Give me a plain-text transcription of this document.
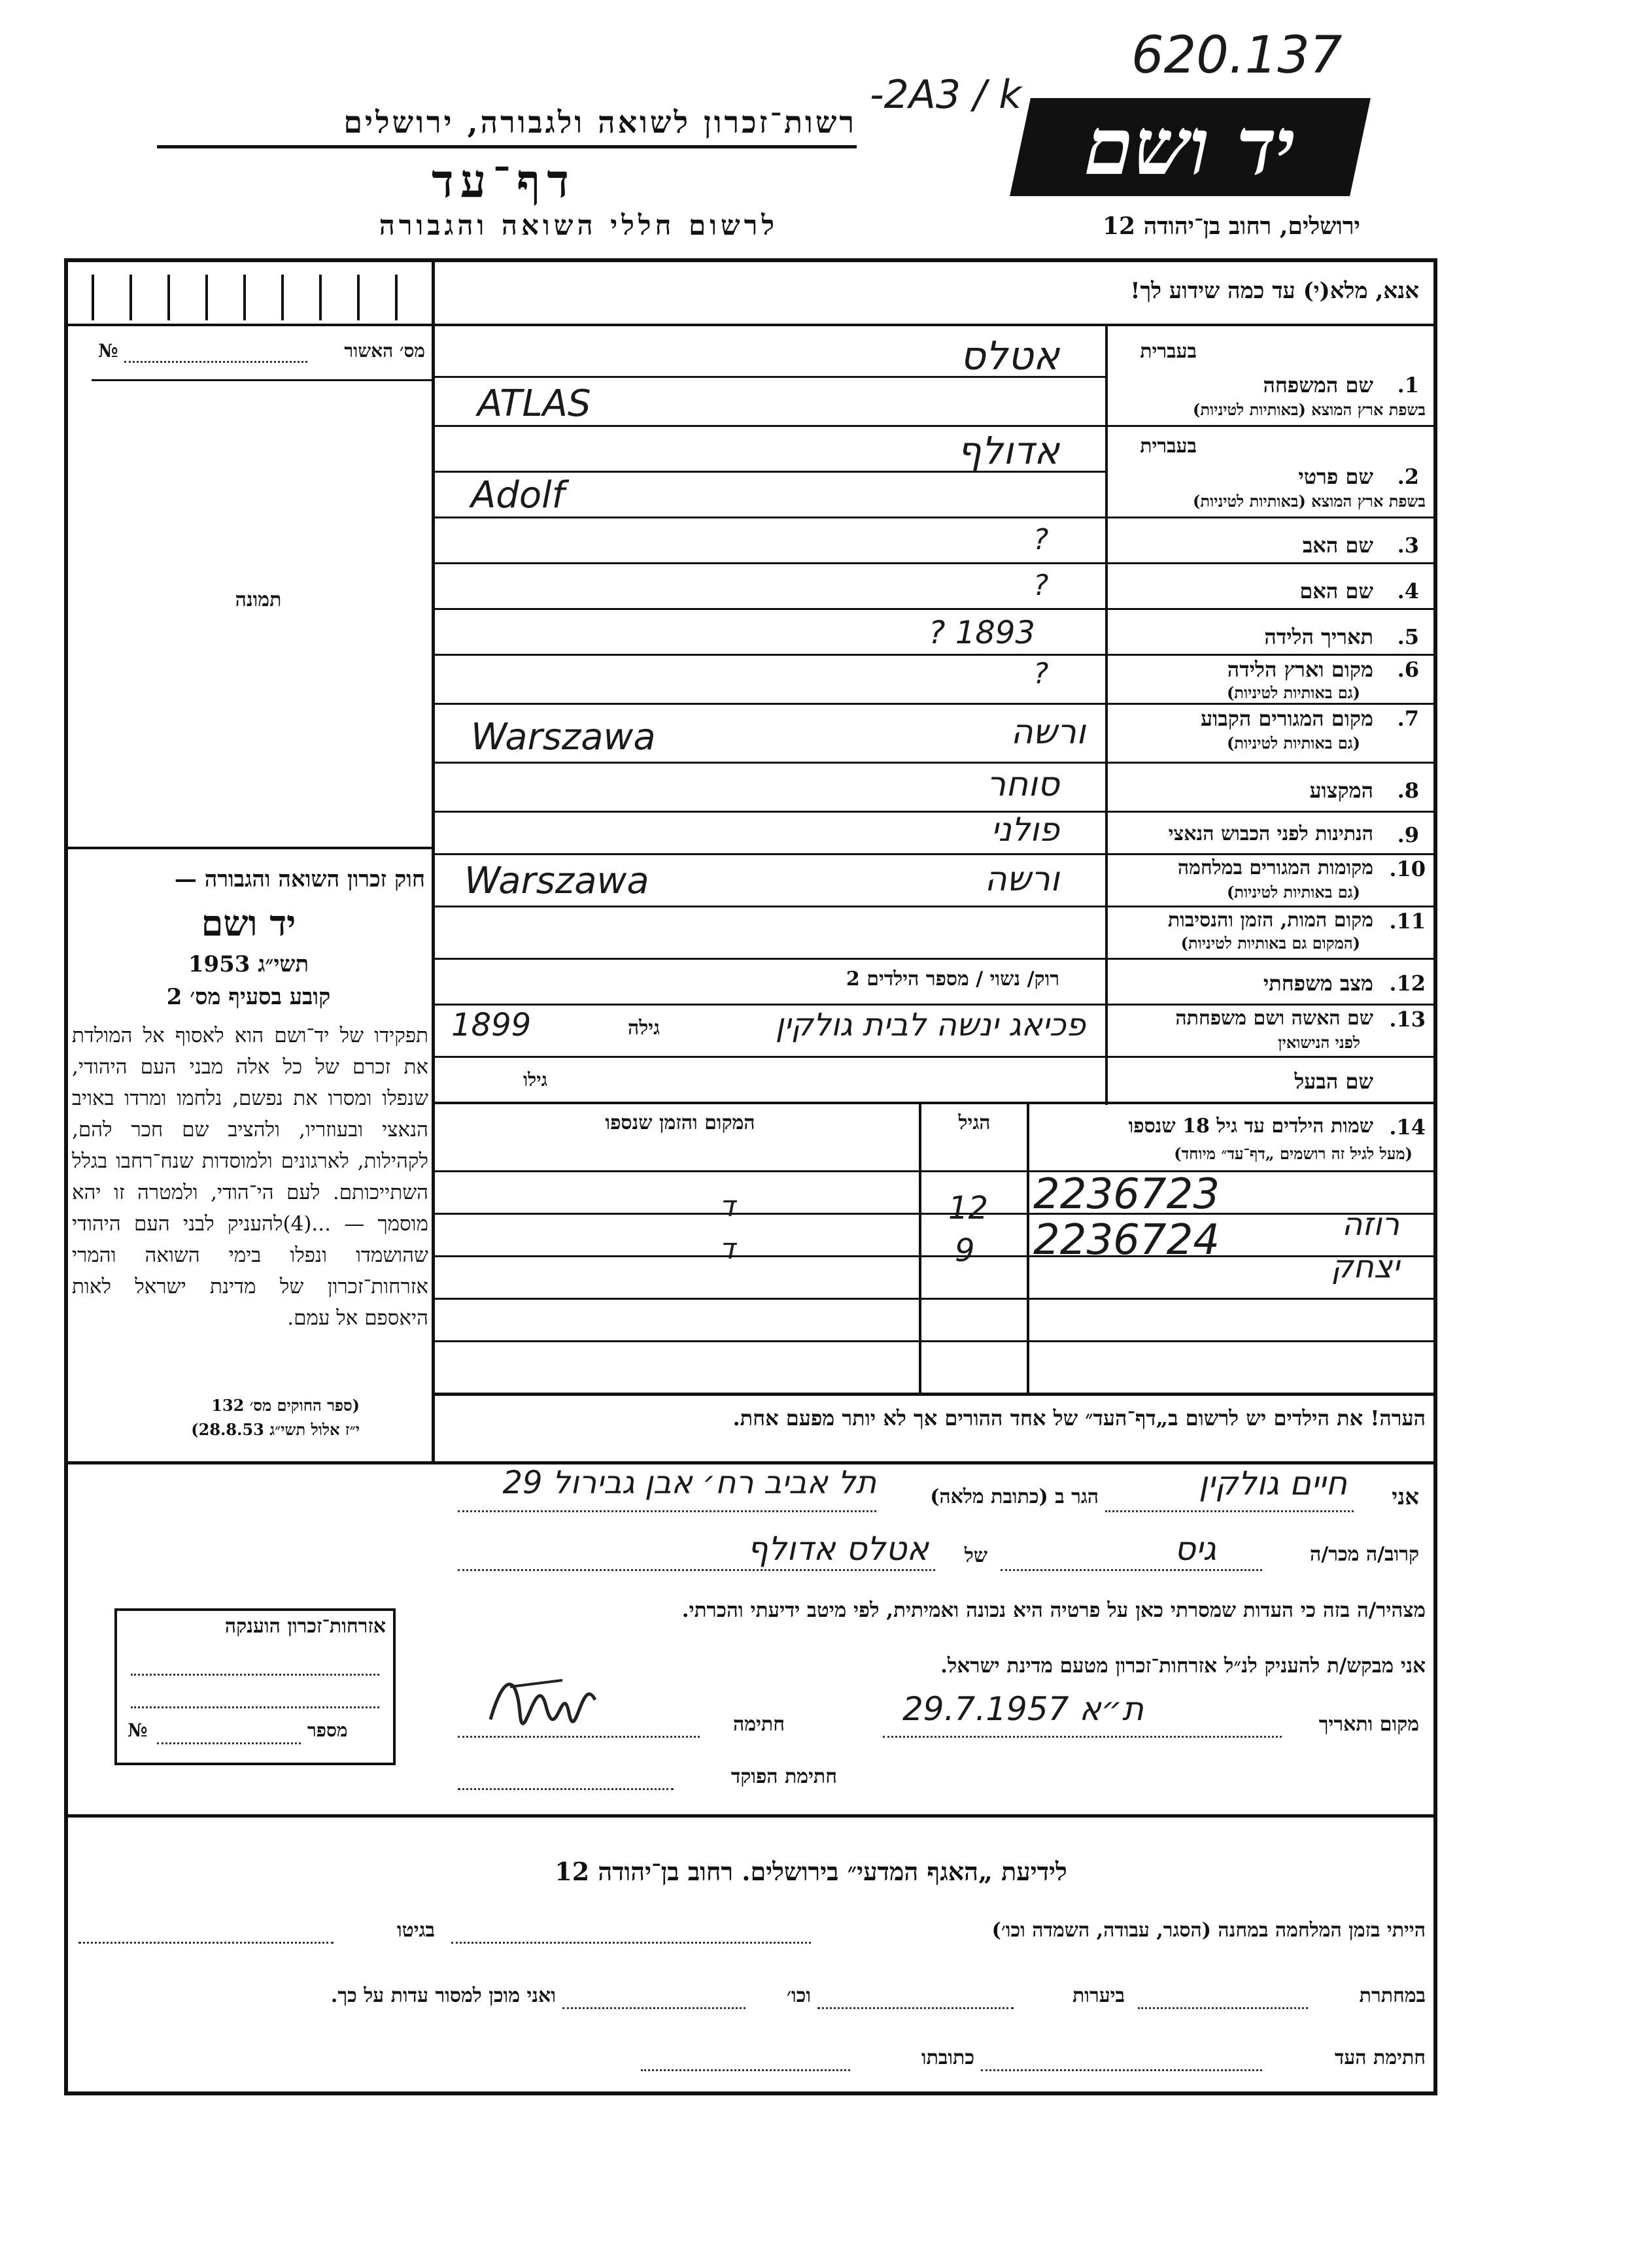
620.137
-2A3 / k
רשות־זכרון לשואה ולגבורה, ירושלים
דף־עד
לרשום חללי השואה והגבורה
יד ושם
ירושלים, רחוב בן־יהודה 12
אנא, מלא(י) עד כמה שידוע לך!
מס׳ האשור
№
תמונה
חוק זכרון השואה והגבורה —
יד ושם
תשי״ג 1953
קובע בסעיף מס׳ 2
תפקידו של יד־ושם הוא לאסוף אל המולדת את זכרם של כל אלה מבני העם היהודי, שנפלו ומסרו את נפשם, נלחמו ומרדו באויב הנאצי ובעוזריו, ולהציב שם חכר להם, לקהילות, לארגונים ולמוסדות שנח־רחבו בגלל השתייכותם. לעם הי־הודי, ולמטרה זו יהא מוסמך — ...(4)להעניק לבני העם היהודי שהושמדו ונפלו בימי השואה והמרי אזרחות־זכרון של מדינת ישראל לאות היאספם אל עמם.
(ספר החוקים מס׳ 132
י״ז אלול תשי״ג 28.8.53)
בעברית
1.
שם המשפחה
בשפת ארץ המוצא (באותיות לטיניות)
אטלס
ATLAS
בעברית
2.
שם פרטי
בשפת ארץ המוצא (באותיות לטיניות)
אדולף
Adolf
3.
שם האב
?
4.
שם האם
?
5.
תאריך הלידה
? 1893
6.
מקום וארץ הלידה
(גם באותיות לטיניות)
?
7.
מקום המגורים הקבוע
(גם באותיות לטיניות)
ורשה
Warszawa
8.
המקצוע
סוחר
9.
הנתינות לפני הכבוש הנאצי
פולני
10.
מקומות המגורים במלחמה
(גם באותיות לטיניות)
ורשה
Warszawa
11.
מקום המות, הזמן והנסיבות
(המקום גם באותיות לטיניות)
12.
מצב משפחתי
רוק/ נשוי / מספר הילדים 2
13.
שם האשה ושם משפחתה
לפני הנישואין
פכיאג ינשה לבית גולקין
גילה
1899
שם הבעל
גילו
14.
שמות הילדים עד גיל 18 שנספו
(מעל לגיל זה רושמים „דף־עד״ מיוחד)
הגיל
המקום והזמן שנספו
רוזה
2236723
12
ד
יצחק
2236724
9
ד
הערה! את הילדים יש לרשום ב„דף־העד״ של אחד ההורים אך לא יותר מפעם אחת.
אני
חיים גולקין
הגר ב (כתובת מלאה)
תל אביב רח׳ אבן גבירול 29
קרוב/ה מכר/ה
גיס
של
אטלס אדולף
מצהיר/ה בזה כי העדות שמסרתי כאן על פרטיה היא נכונה ואמיתית, לפי מיטב ידיעתי והכרתי.
אני מבקש/ת להעניק לנ״ל אזרחות־זכרון מטעם מדינת ישראל.
מקום ותאריך
ת״א 29.7.1957
חתימה
חתימת הפוקד
אזרחות־זכרון הוענקה
מספר
№
לידיעת „האגף המדעי״ בירושלים. רחוב בן־יהודה 12
הייתי בזמן המלחמה במחנה (הסגר, עבודה, השמדה וכו׳)
בגיטו
במחתרת
ביערות
וכו׳
ואני מוכן למסור עדות על כך.
חתימת העד
כתובתו
